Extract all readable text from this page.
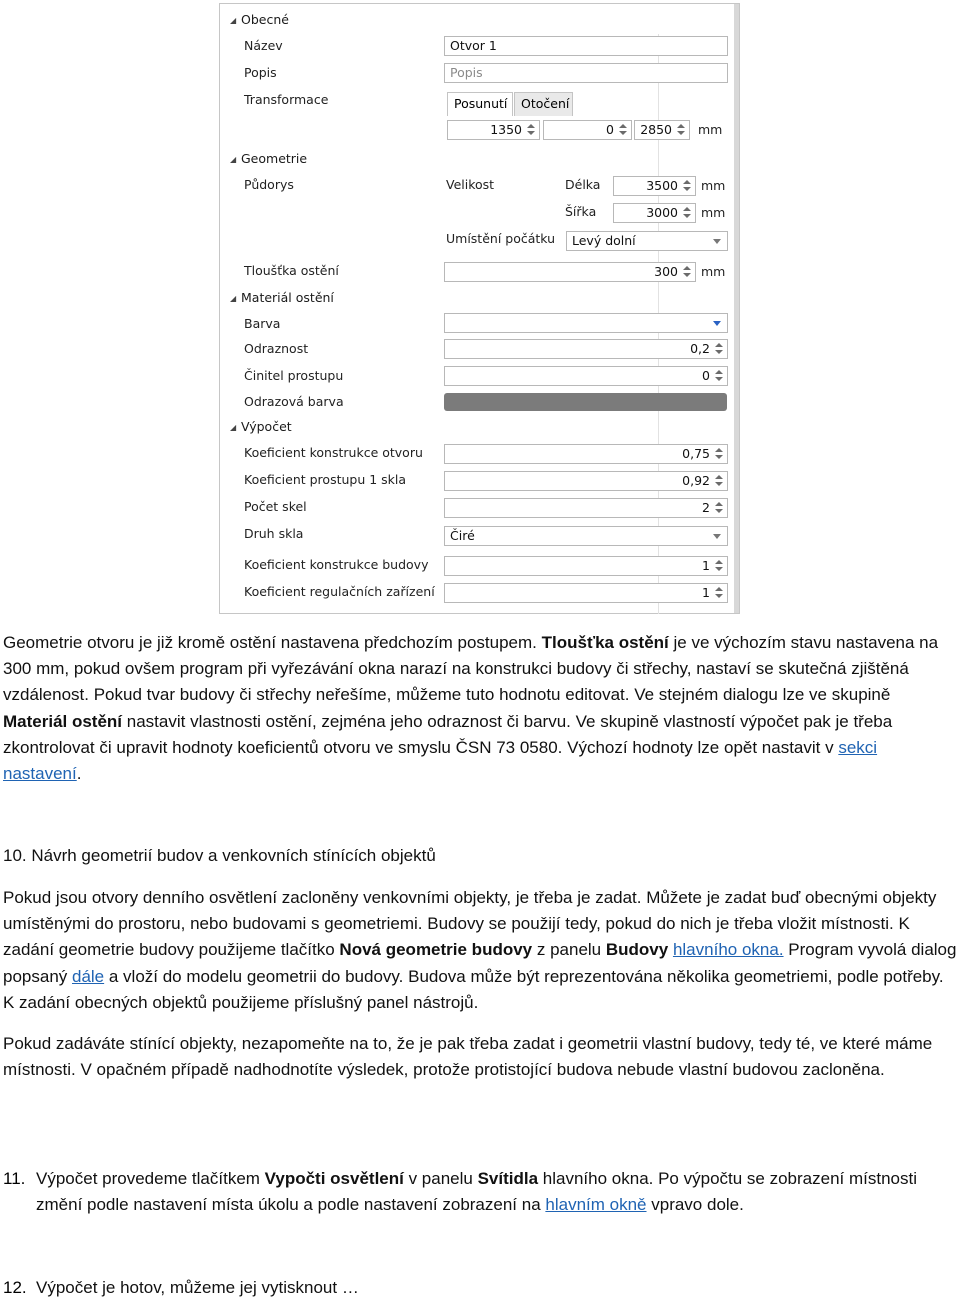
◢ Obecné
Název	Otvor 1
Popis	Popis
Transformace	Posunutí	Otočení
1350	0 2850 mm
◢ Geometrie
Půdorys	Velikost	Délka	3500 mm
Šířka	3000 mm
Umístění počátku Levý dolní
Tloušťka ostění	300 mm
◢ Materiál ostění
Barva
Odraznost	0,2
Činitel prostupu	0
Odrazová barva
◢ Výpočet
Koeficient konstrukce otvoru	0,75
Koeficient prostupu 1 skla	0,92
Počet skel	2
Druh skla	Čiré
Koeficient konstrukce budovy	1
Koeficient regulačních zařízení	1
Geometrie otvoru je již kromě ostění nastavena předchozím postupem. Tloušťka ostění je ve výchozím stavu nastavena na 300 mm, pokud ovšem program při vyřezávání okna narazí na konstrukci budovy či střechy, nastaví se skutečná zjištěná vzdálenost. Pokud tvar budovy či střechy neřešíme, můžeme tuto hodnotu editovat. Ve stejném dialogu lze ve skupině Materiál ostění nastavit vlastnosti ostění, zejména jeho odraznost či barvu. Ve skupině vlastností výpočet pak je třeba zkontrolovat či upravit hodnoty koeficientů otvoru ve smyslu ČSN 73 0580. Výchozí hodnoty lze opět nastavit v sekci nastavení.
10. Návrh geometrií budov a venkovních stínících objektů
Pokud jsou otvory denního osvětlení zacloněny venkovními objekty, je třeba je zadat. Můžete je zadat buď obecnými objekty umístěnými do prostoru, nebo budovami s geometriemi. Budovy se použijí tedy, pokud do nich je třeba vložit místnosti. K zadání geometrie budovy použijeme tlačítko Nová geometrie budovy z panelu Budovy hlavního okna. Program vyvolá dialog popsaný dále a vloží do modelu geometrii do budovy. Budova může být reprezentována několika geometriemi, podle potřeby. K zadání obecných objektů použijeme příslušný panel nástrojů.
Pokud zadáváte stínící objekty, nezapomeňte na to, že je pak třeba zadat i geometrii vlastní budovy, tedy té, ve které máme místnosti. V opačném případě nadhodnotíte výsledek, protože protistojící budova nebude vlastní budovou zacloněna.
11. Výpočet provedeme tlačítkem Vypočti osvětlení v panelu Svítidla hlavního okna. Po výpočtu se zobrazení místnosti změní podle nastavení místa úkolu a podle nastavení zobrazení na hlavním okně vpravo dole.
12. Výpočet je hotov, můžeme jej vytisknout …
